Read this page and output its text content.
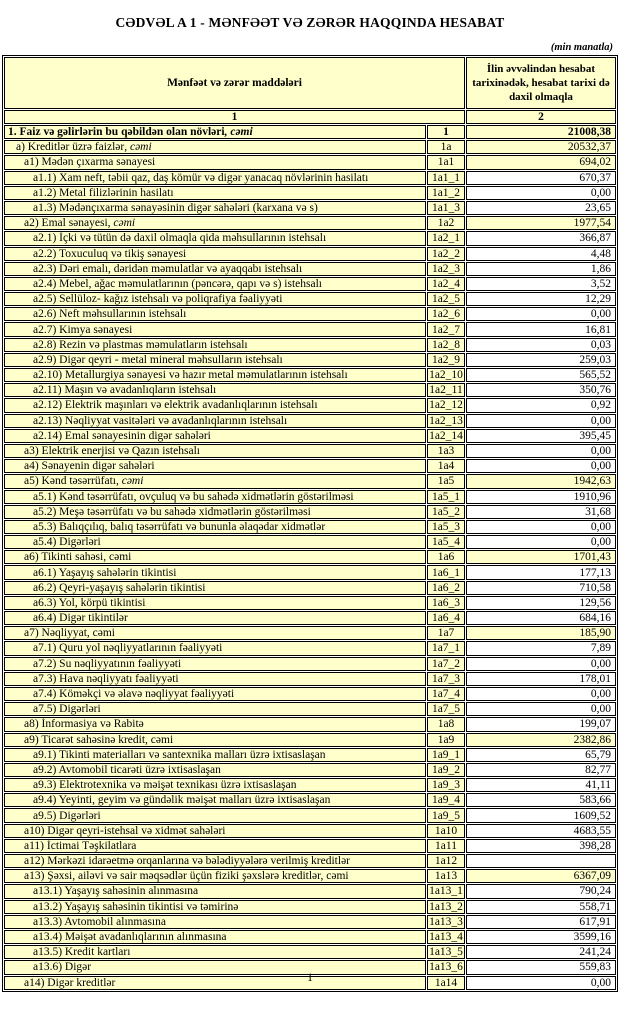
CƏDVƏL A 1 - MƏNFƏƏT VƏ ZƏRƏR HAQQINDA HESABAT
(min manatla)
Mənfəət və zərər maddələri		İlin əvvəlindən hesabat tarixinədək, hesabat tarixi də daxil olmaqla
1		2
1. Faiz və gəlirlərin bu qəbildən olan növləri, cəmi	1	21008,38
a) Kreditlər üzrə faizlər, cəmi	1a	20532,37
a1) Mədən çıxarma sənayesi	1a1	694,02
a1.1) Xam neft, təbii qaz, daş kömür və digər yanacaq növlərinin hasilatı	1a1_1	670,37
a1.2) Metal filizlərinin hasilatı	1a1_2	0,00
a1.3) Mədənçıxarma sənayəsinin digər sahələri (karxana və s)	1a1_3	23,65
a2) Emal sənayesi, cəmi	1a2	1977,54
a2.1) İçki və tütün də daxil olmaqla qida məhsullarının istehsalı	1a2_1	366,87
a2.2) Toxuculuq və tikiş sənayesi	1a2_2	4,48
a2.3) Dəri emalı, dəridən məmulatlar və ayaqqabı istehsalı	1a2_3	1,86
a2.4) Mebel, ağac məmulatlarının (pəncərə, qapı və s) istehsalı	1a2_4	3,52
a2.5) Sellüloz- kağız istehsalı və poliqrafiya fəaliyyəti	1a2_5	12,29
a2.6) Neft məhsullarının istehsalı	1a2_6	0,00
a2.7) Kimya sənayesi	1a2_7	16,81
a2.8) Rezin və plastmas məmulatların istehsalı	1a2_8	0,03
a2.9) Digər qeyri - metal mineral məhsulların istehsalı	1a2_9	259,03
a2.10) Metallurgiya sənayesi və hazır metal məmulatlarının istehsalı	1a2_10	565,52
a2.11) Maşın və avadanlıqların istehsalı	1a2_11	350,76
a2.12) Elektrik maşınları və elektrik avadanlıqlarının istehsalı	1a2_12	0,92
a2.13) Nəqliyyat vasitələri və avadanlıqlarının istehsalı	1a2_13	0,00
a2.14) Emal sənayesinin digər sahələri	1a2_14	395,45
a3) Elektrik enerjisi və Qazın istehsalı	1a3	0,00
a4) Sənayenin digər sahələri	1a4	0,00
a5) Kənd təsərrüfatı, cəmi	1a5	1942,63
a5.1) Kənd təsərrüfatı, ovçuluq və bu sahədə xidmətlərin göstərilməsi	1a5_1	1910,96
a5.2) Meşə təsərrüfatı və bu sahədə xidmətlərin göstərilməsi	1a5_2	31,68
a5.3) Balıqçılıq, balıq təsərrüfatı və bununla əlaqədar xidmətlər	1a5_3	0,00
a5.4) Digərləri	1a5_4	0,00
a6) Tikinti sahəsi, cəmi	1a6	1701,43
a6.1) Yaşayış sahələrin tikintisi	1a6_1	177,13
a6.2) Qeyri-yaşayış sahələrin tikintisi	1a6_2	710,58
a6.3) Yol, körpü tikintisi	1a6_3	129,56
a6.4) Digər tikintilər	1a6_4	684,16
a7) Nəqliyyat, cəmi	1a7	185,90
a7.1) Quru yol nəqliyyatlarının fəaliyyəti	1a7_1	7,89
a7.2) Su nəqliyyatının fəaliyyəti	1a7_2	0,00
a7.3) Hava nəqliyyatı fəaliyyəti	1a7_3	178,01
a7.4) Köməkçi və əlavə nəqliyyat fəaliyyəti	1a7_4	0,00
a7.5) Digərləri	1a7_5	0,00
a8) İnformasiya və Rabitə	1a8	199,07
a9) Ticarət sahəsinə kredit, cəmi	1a9	2382,86
a9.1) Tikinti materialları və santexnika malları üzrə ixtisaslaşan	1a9_1	65,79
a9.2) Avtomobil ticarəti üzrə ixtisaslaşan	1a9_2	82,77
a9.3) Elektrotexnika və məişət texnikası üzrə ixtisaslaşan	1a9_3	41,11
a9.4) Yeyinti, geyim və gündəlik məişət malları üzrə ixtisaslaşan	1a9_4	583,66
a9.5) Digərləri	1a9_5	1609,52
a10) Digər qeyri-istehsal və xidmət sahələri	1a10	4683,55
a11) İctimai Təşkilatlara	1a11	398,28
a12) Mərkəzi idarəetmə orqanlarına və bələdiyyələrə verilmiş kreditlər	1a12	
a13) Şəxsi, ailəvi və sair məqsədlər üçün fiziki şəxslərə kreditlər, cəmi	1a13	6367,09
a13.1) Yaşayış sahəsinin alınmasına	1a13_1	790,24
a13.2) Yaşayış sahəsinin tikintisi və təmirinə	1a13_2	558,71
a13.3) Avtomobil alınmasına	1a13_3	617,91
a13.4) Məişət avadanlıqlarının alınmasına	1a13_4	3599,16
a13.5) Kredit kartları	1a13_5	241,24
a13.6) Digər	1a13_6	559,83
a14) Digər kreditlər	1a14	0,00
1
